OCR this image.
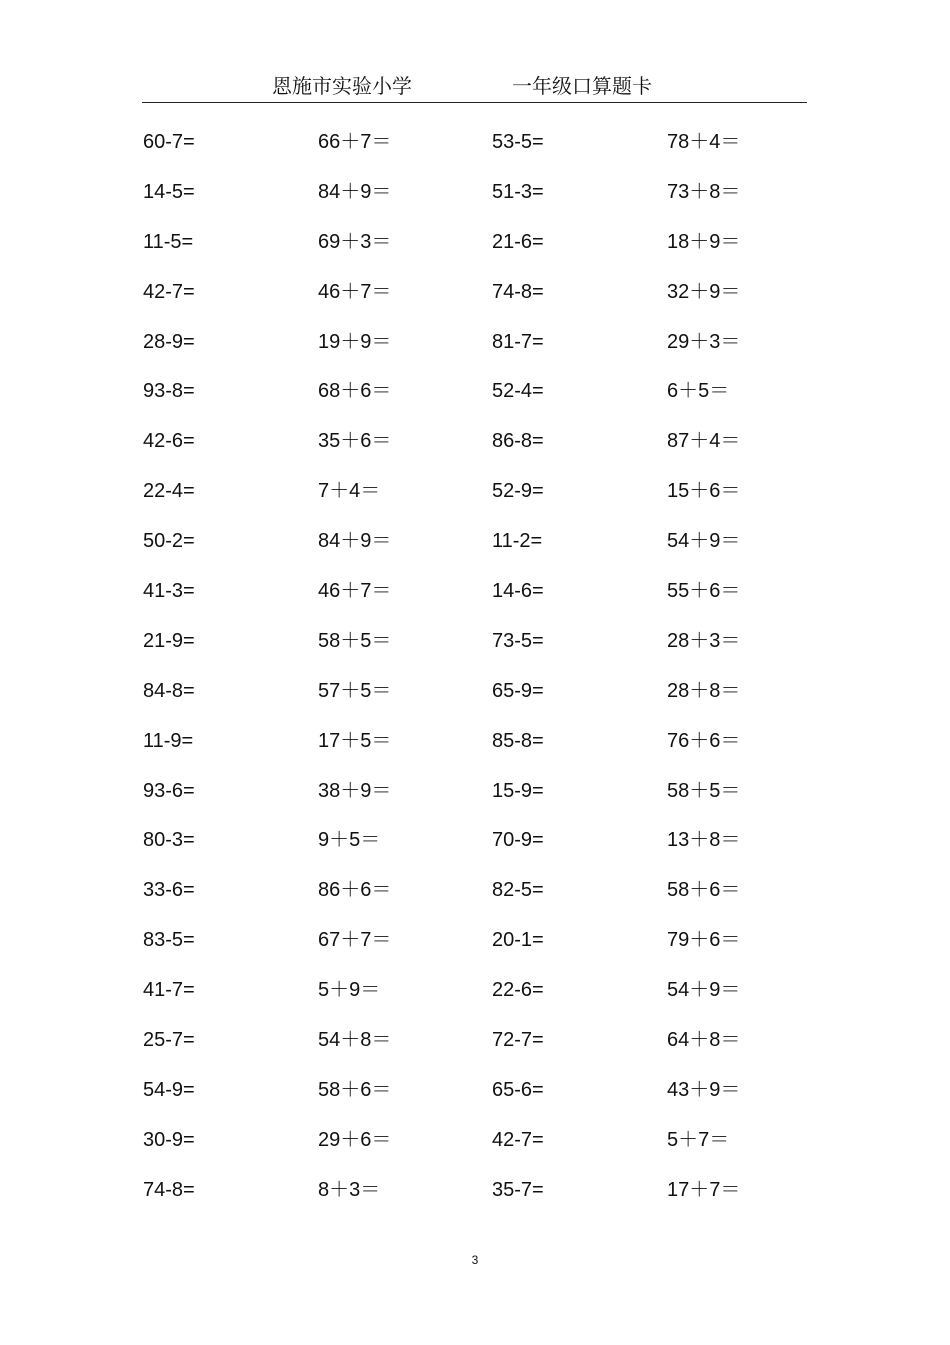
恩施市实验小学	一年级口算题卡
60-7=	66＋7＝	53-5=	78＋4＝
14-5=	84＋9＝	51-3=	73＋8＝
11-5=	69＋3＝	21-6=	18＋9＝
42-7=	46＋7＝	74-8=	32＋9＝
28-9=	19＋9＝	81-7=	29＋3＝
93-8=	68＋6＝	52-4=	6＋5＝
42-6=	35＋6＝	86-8=	87＋4＝
22-4=	7＋4＝	52-9=	15＋6＝
50-2=	84＋9＝	11-2=	54＋9＝
41-3=	46＋7＝	14-6=	55＋6＝
21-9=	58＋5＝	73-5=	28＋3＝
84-8=	57＋5＝	65-9=	28＋8＝
11-9=	17＋5＝	85-8=	76＋6＝
93-6=	38＋9＝	15-9=	58＋5＝
80-3=	9＋5＝	70-9=	13＋8＝
33-6=	86＋6＝	82-5=	58＋6＝
83-5=	67＋7＝	20-1=	79＋6＝
41-7=	5＋9＝	22-6=	54＋9＝
25-7=	54＋8＝	72-7=	64＋8＝
54-9=	58＋6＝	65-6=	43＋9＝
30-9=	29＋6＝	42-7=	5＋7＝
74-8=	8＋3＝	35-7=	17＋7＝
3
